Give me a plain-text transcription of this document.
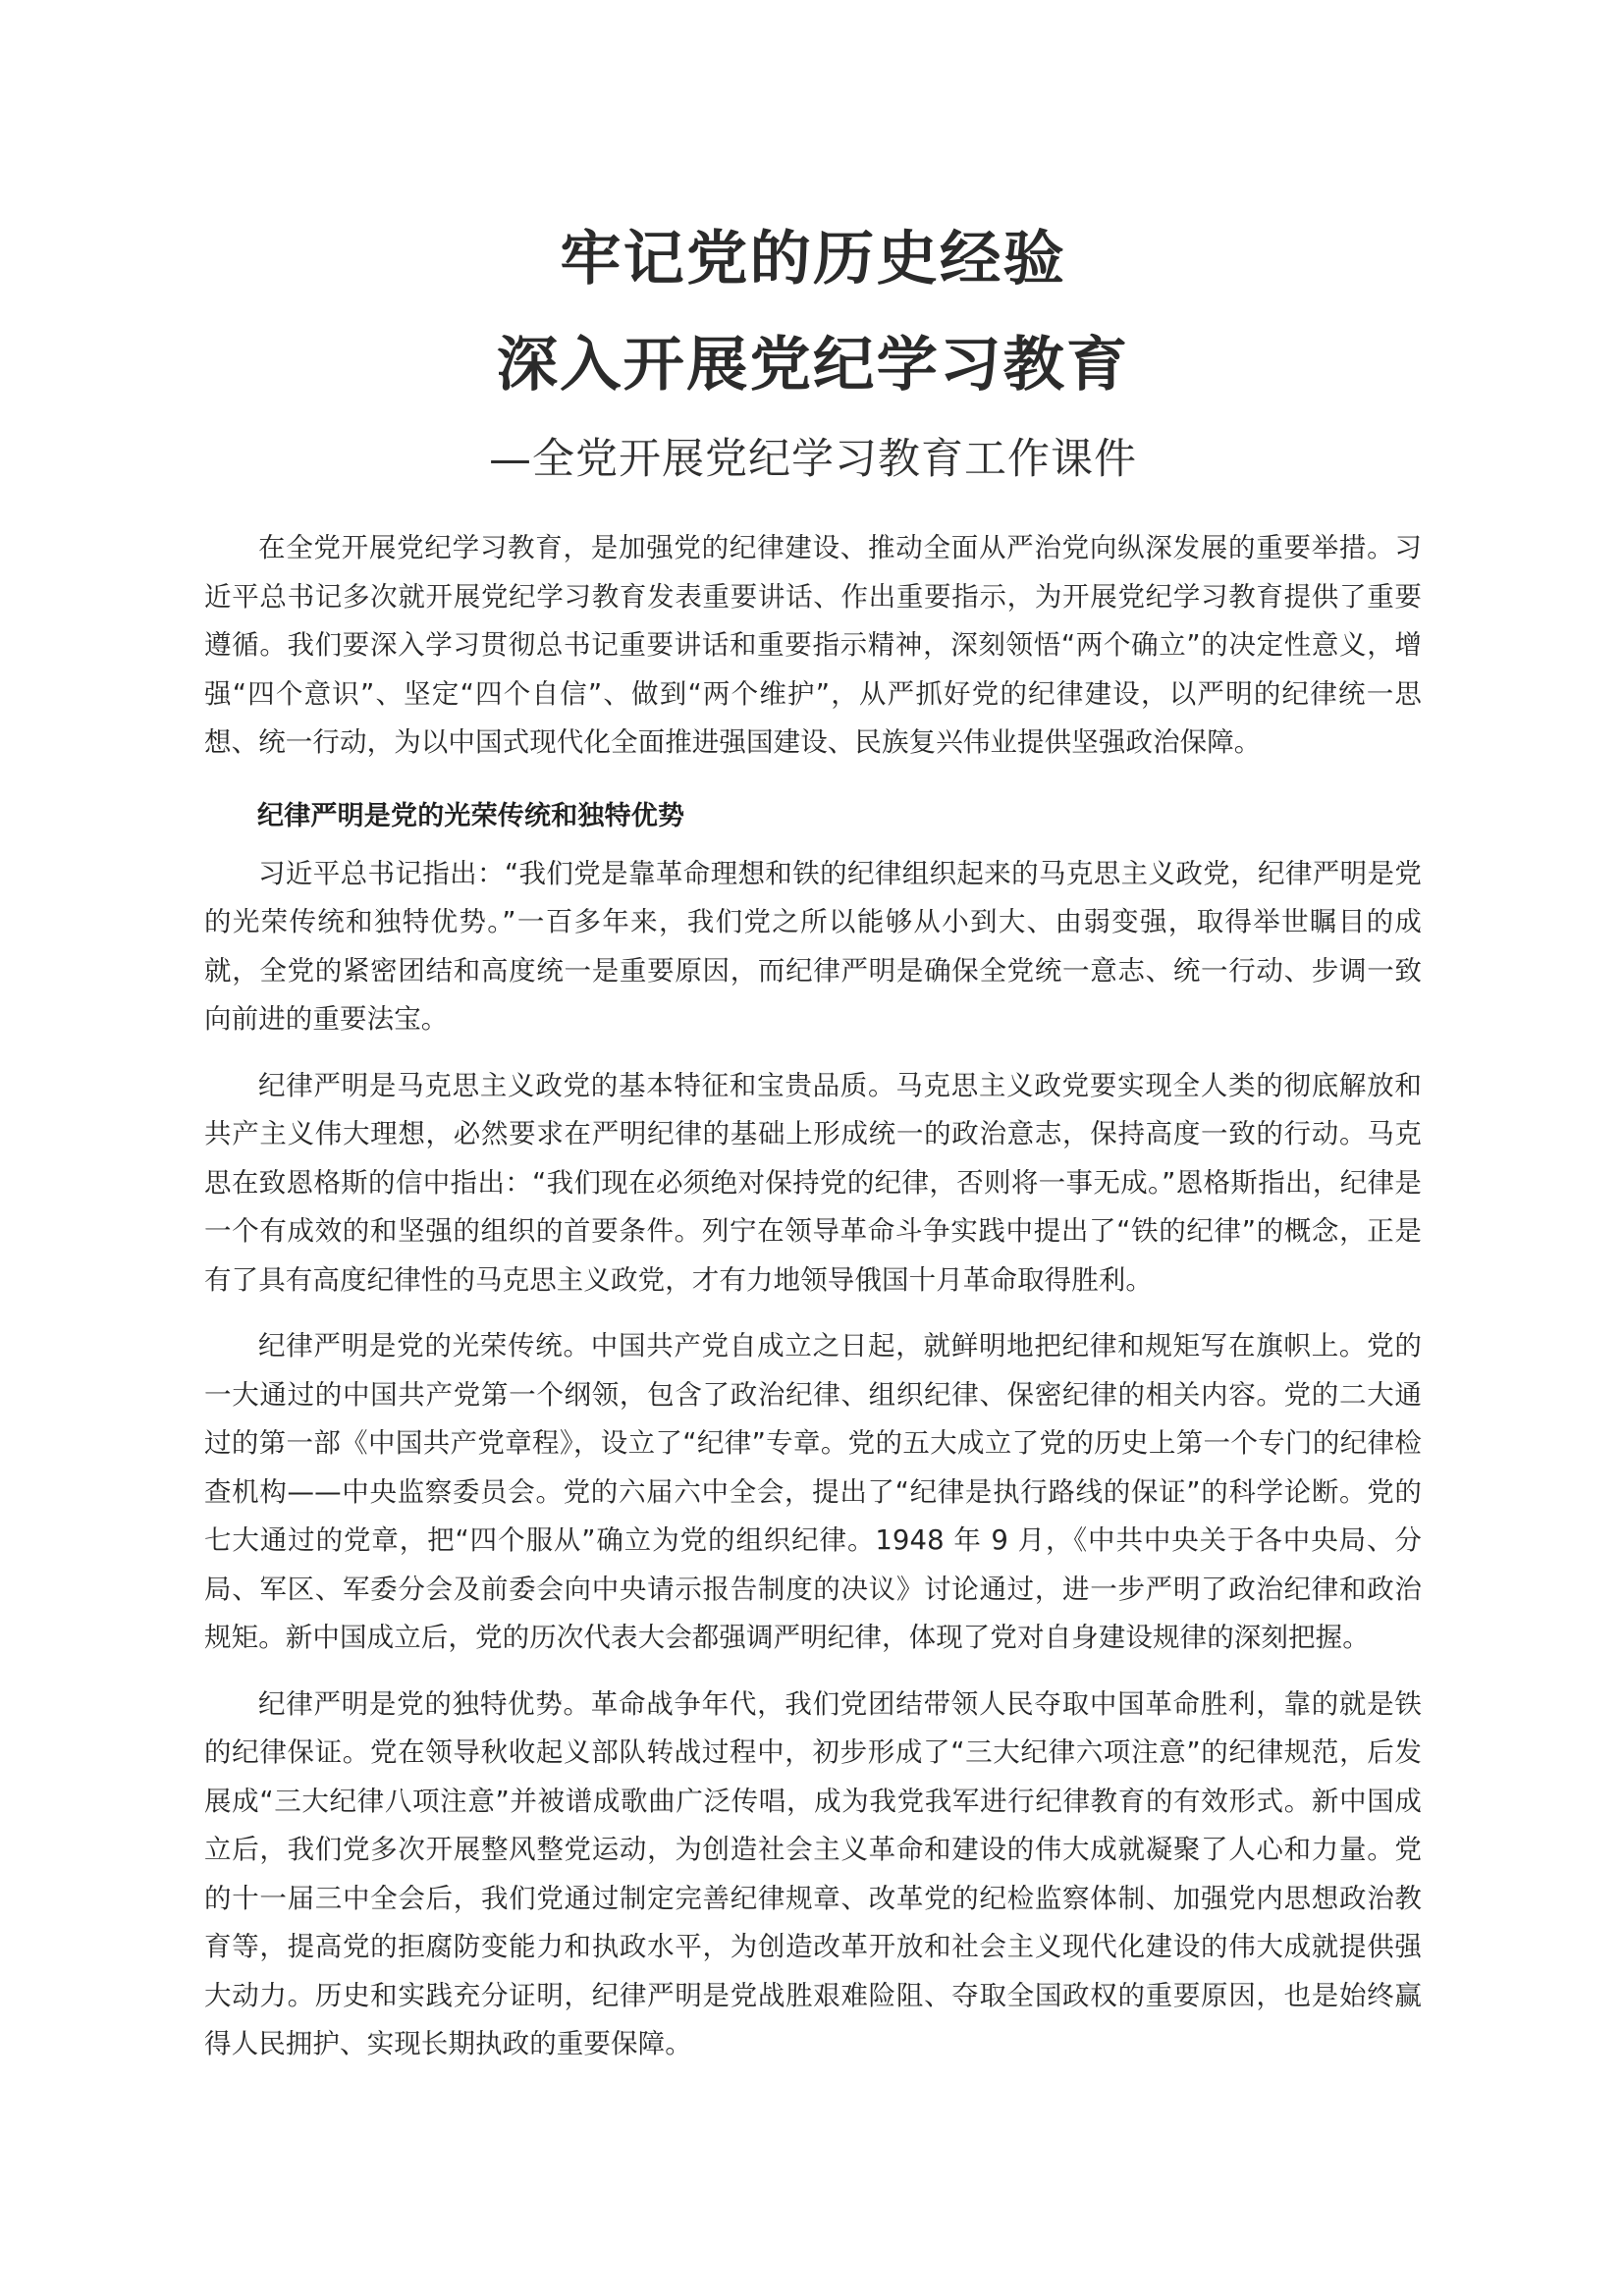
牢记党的历史经验
深入开展党纪学习教育
—全党开展党纪学习教育工作课件

在全党开展党纪学习教育，是加强党的纪律建设、推动全面从严治党向纵深发展的重要举措。习近平总书记多次就开展党纪学习教育发表重要讲话、作出重要指示，为开展党纪学习教育提供了重要遵循。我们要深入学习贯彻总书记重要讲话和重要指示精神，深刻领悟“两个确立”的决定性意义，增强“四个意识”、坚定“四个自信”、做到“两个维护”，从严抓好党的纪律建设，以严明的纪律统一思想、统一行动，为以中国式现代化全面推进强国建设、民族复兴伟业提供坚强政治保障。

纪律严明是党的光荣传统和独特优势

习近平总书记指出：“我们党是靠革命理想和铁的纪律组织起来的马克思主义政党，纪律严明是党的光荣传统和独特优势。”一百多年来，我们党之所以能够从小到大、由弱变强，取得举世瞩目的成就，全党的紧密团结和高度统一是重要原因，而纪律严明是确保全党统一意志、统一行动、步调一致向前进的重要法宝。

纪律严明是马克思主义政党的基本特征和宝贵品质。马克思主义政党要实现全人类的彻底解放和共产主义伟大理想，必然要求在严明纪律的基础上形成统一的政治意志，保持高度一致的行动。马克思在致恩格斯的信中指出：“我们现在必须绝对保持党的纪律，否则将一事无成。”恩格斯指出，纪律是一个有成效的和坚强的组织的首要条件。列宁在领导革命斗争实践中提出了“铁的纪律”的概念，正是有了具有高度纪律性的马克思主义政党，才有力地领导俄国十月革命取得胜利。

纪律严明是党的光荣传统。中国共产党自成立之日起，就鲜明地把纪律和规矩写在旗帜上。党的一大通过的中国共产党第一个纲领，包含了政治纪律、组织纪律、保密纪律的相关内容。党的二大通过的第一部《中国共产党章程》，设立了“纪律”专章。党的五大成立了党的历史上第一个专门的纪律检查机构——中央监察委员会。党的六届六中全会，提出了“纪律是执行路线的保证”的科学论断。党的七大通过的党章，把“四个服从”确立为党的组织纪律。1948 年 9 月，《中共中央关于各中央局、分局、军区、军委分会及前委会向中央请示报告制度的决议》讨论通过，进一步严明了政治纪律和政治规矩。新中国成立后，党的历次代表大会都强调严明纪律，体现了党对自身建设规律的深刻把握。

纪律严明是党的独特优势。革命战争年代，我们党团结带领人民夺取中国革命胜利，靠的就是铁的纪律保证。党在领导秋收起义部队转战过程中，初步形成了“三大纪律六项注意”的纪律规范，后发展成“三大纪律八项注意”并被谱成歌曲广泛传唱，成为我党我军进行纪律教育的有效形式。新中国成立后，我们党多次开展整风整党运动，为创造社会主义革命和建设的伟大成就凝聚了人心和力量。党的十一届三中全会后，我们党通过制定完善纪律规章、改革党的纪检监察体制、加强党内思想政治教育等，提高党的拒腐防变能力和执政水平，为创造改革开放和社会主义现代化建设的伟大成就提供强大动力。历史和实践充分证明，纪律严明是党战胜艰难险阻、夺取全国政权的重要原因，也是始终赢得人民拥护、实现长期执政的重要保障。
